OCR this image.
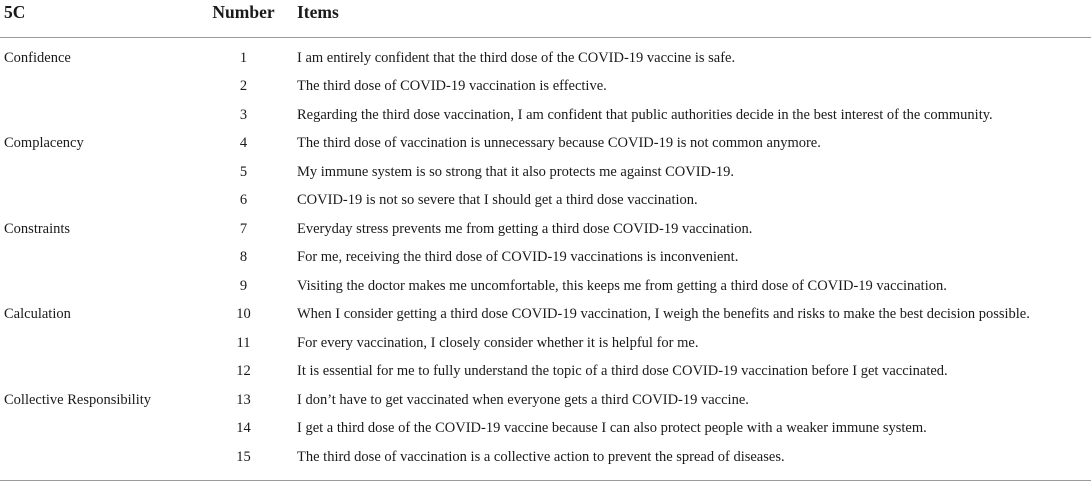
5C	Number	Items
Confidence	1	I am entirely confident that the third dose of the COVID-19 vaccine is safe.
	2	The third dose of COVID-19 vaccination is effective.
	3	Regarding the third dose vaccination, I am confident that public authorities decide in the best interest of the community.
Complacency	4	The third dose of vaccination is unnecessary because COVID-19 is not common anymore.
	5	My immune system is so strong that it also protects me against COVID-19.
	6	COVID-19 is not so severe that I should get a third dose vaccination.
Constraints	7	Everyday stress prevents me from getting a third dose COVID-19 vaccination.
	8	For me, receiving the third dose of COVID-19 vaccinations is inconvenient.
	9	Visiting the doctor makes me uncomfortable, this keeps me from getting a third dose of COVID-19 vaccination.
Calculation	10	When I consider getting a third dose COVID-19 vaccination, I weigh the benefits and risks to make the best decision possible.
	11	For every vaccination, I closely consider whether it is helpful for me.
	12	It is essential for me to fully understand the topic of a third dose COVID-19 vaccination before I get vaccinated.
Collective Responsibility	13	I don’t have to get vaccinated when everyone gets a third COVID-19 vaccine.
	14	I get a third dose of the COVID-19 vaccine because I can also protect people with a weaker immune system.
	15	The third dose of vaccination is a collective action to prevent the spread of diseases.
